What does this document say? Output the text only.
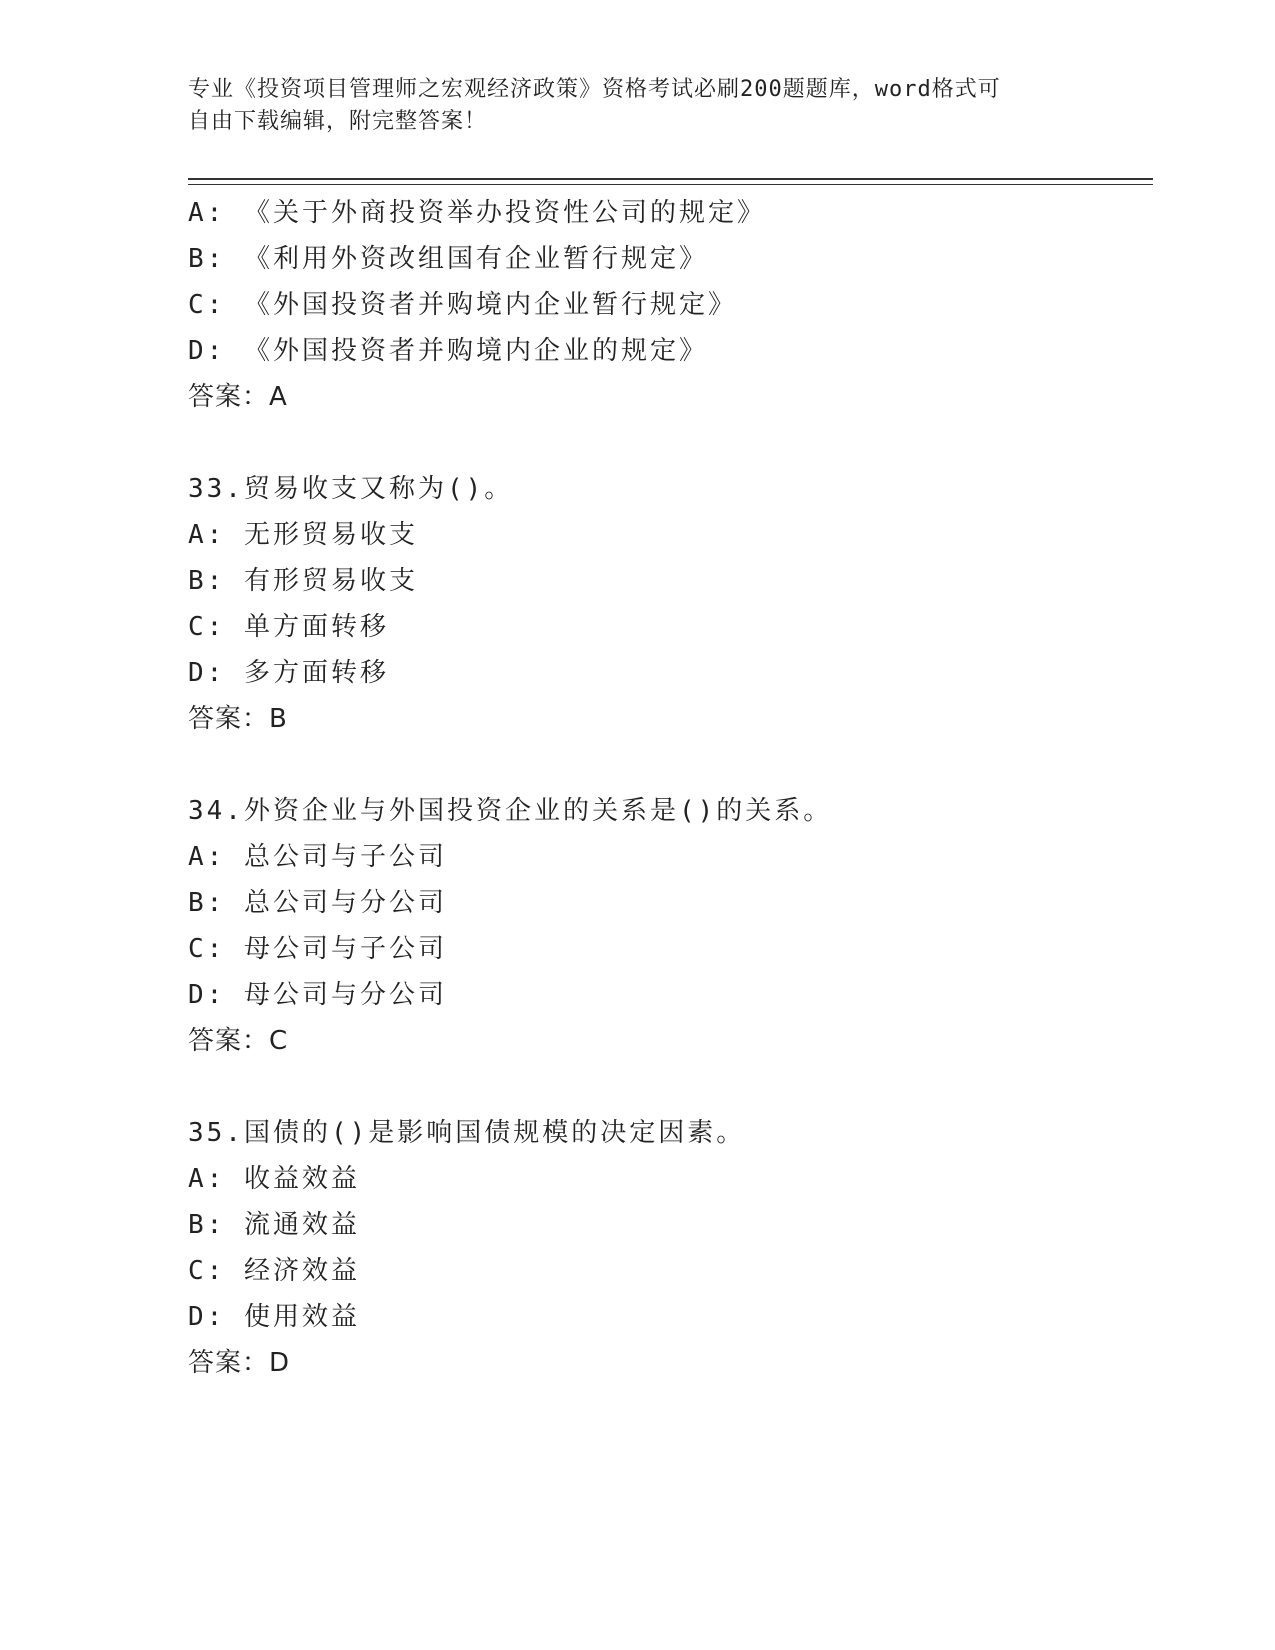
专业《投资项目管理师之宏观经济政策》资格考试必刷200题题库，word格式可
自由下载编辑，附完整答案！
A: 《关于外商投资举办投资性公司的规定》
B: 《利用外资改组国有企业暂行规定》
C: 《外国投资者并购境内企业暂行规定》
D: 《外国投资者并购境内企业的规定》
答案：A
33.贸易收支又称为()。
A: 无形贸易收支
B: 有形贸易收支
C: 单方面转移
D: 多方面转移
答案：B
34.外资企业与外国投资企业的关系是()的关系。
A: 总公司与子公司
B: 总公司与分公司
C: 母公司与子公司
D: 母公司与分公司
答案：C
35.国债的()是影响国债规模的决定因素。
A: 收益效益
B: 流通效益
C: 经济效益
D: 使用效益
答案：D
